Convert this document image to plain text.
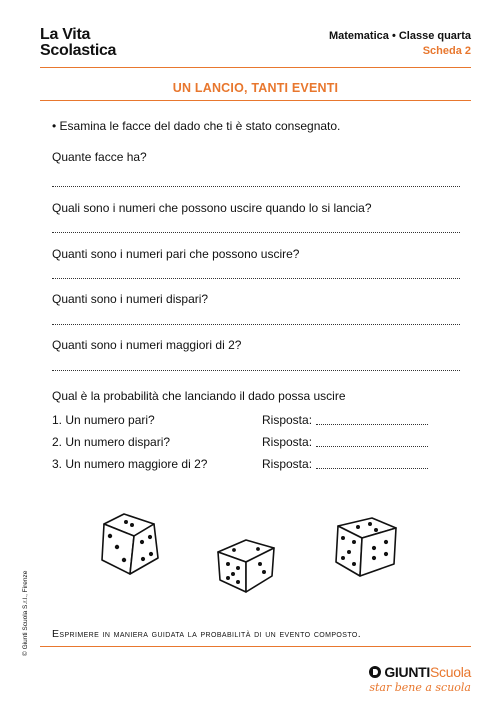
La Vita
Scolastica
Matematica • Classe quarta
Scheda 2
UN LANCIO, TANTI EVENTI
• Esamina le facce del dado che ti è stato consegnato.
Quante facce ha?
Quali sono i numeri che possono uscire quando lo si lancia?
Quanti sono i numeri pari che possono uscire?
Quanti sono i numeri dispari?
Quanti sono i numeri maggiori di 2?
Qual è la probabilità che lanciando il dado possa uscire
1. Un numero pari?	Risposta:
2. Un numero dispari?	Risposta:
3. Un numero maggiore di 2?	Risposta:
Esprimere in maniera guidata la probabilità di un evento composto.
© Giunti Scuola S.r.l., Firenze
GIUNTIScuola
star bene a scuola
